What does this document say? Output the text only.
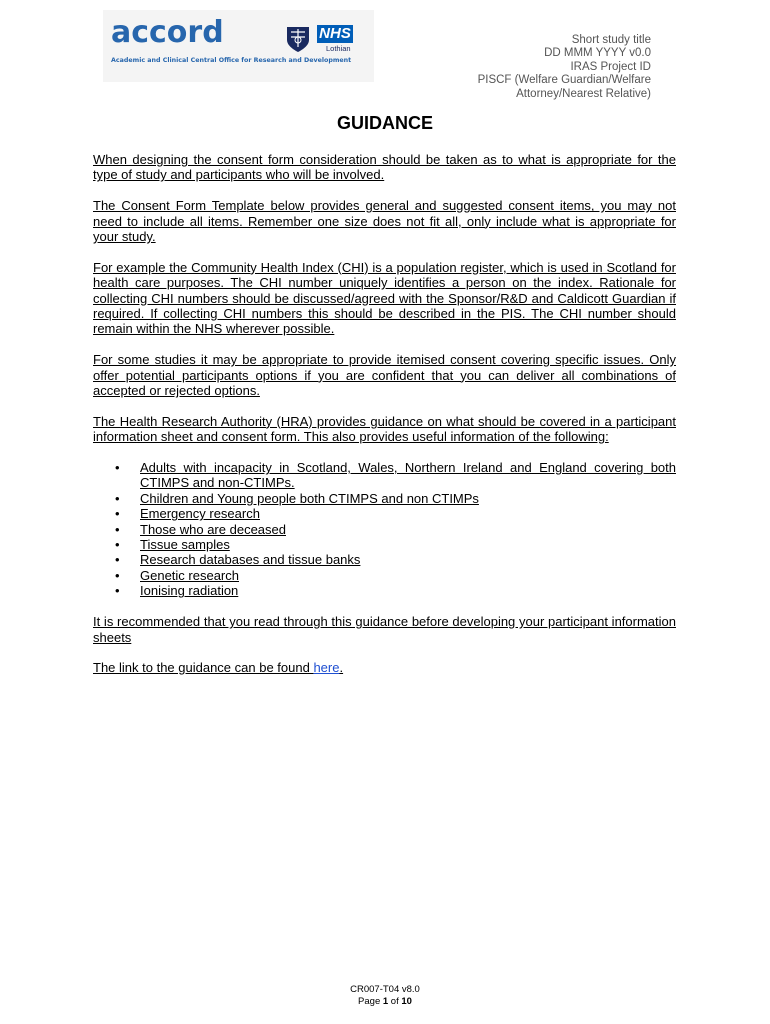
accord
Academic and Clinical Central Office for Research and Development
NHS
Lothian
Short study title
DD MMM YYYY v0.0
IRAS Project ID
PISCF (Welfare Guardian/Welfare
Attorney/Nearest Relative)
GUIDANCE

When designing the consent form consideration should be taken as to what is appropriate for the type of study and participants who will be involved.

The Consent Form Template below provides general and suggested consent items, you may not need to include all items. Remember one size does not fit all, only include what is appropriate for your study.

For example the Community Health Index (CHI) is a population register, which is used in Scotland for health care purposes. The CHI number uniquely identifies a person on the index. Rationale for collecting CHI numbers should be discussed/agreed with the Sponsor/R&D and Caldicott Guardian if required. If collecting CHI numbers this should be described in the PIS. The CHI number should remain within the NHS wherever possible.

For some studies it may be appropriate to provide itemised consent covering specific issues. Only offer potential participants options if you are confident that you can deliver all combinations of accepted or rejected options.

The Health Research Authority (HRA) provides guidance on what should be covered in a participant information sheet and consent form. This also provides useful information of the following:

• Adults with incapacity in Scotland, Wales, Northern Ireland and England covering both CTIMPS and non-CTIMPs.
• Children and Young people both CTIMPS and non CTIMPs
• Emergency research
• Those who are deceased
• Tissue samples
• Research databases and tissue banks
• Genetic research
• Ionising radiation

It is recommended that you read through this guidance before developing your participant information sheets

The link to the guidance can be found here.

CR007-T04 v8.0
Page 1 of 10
